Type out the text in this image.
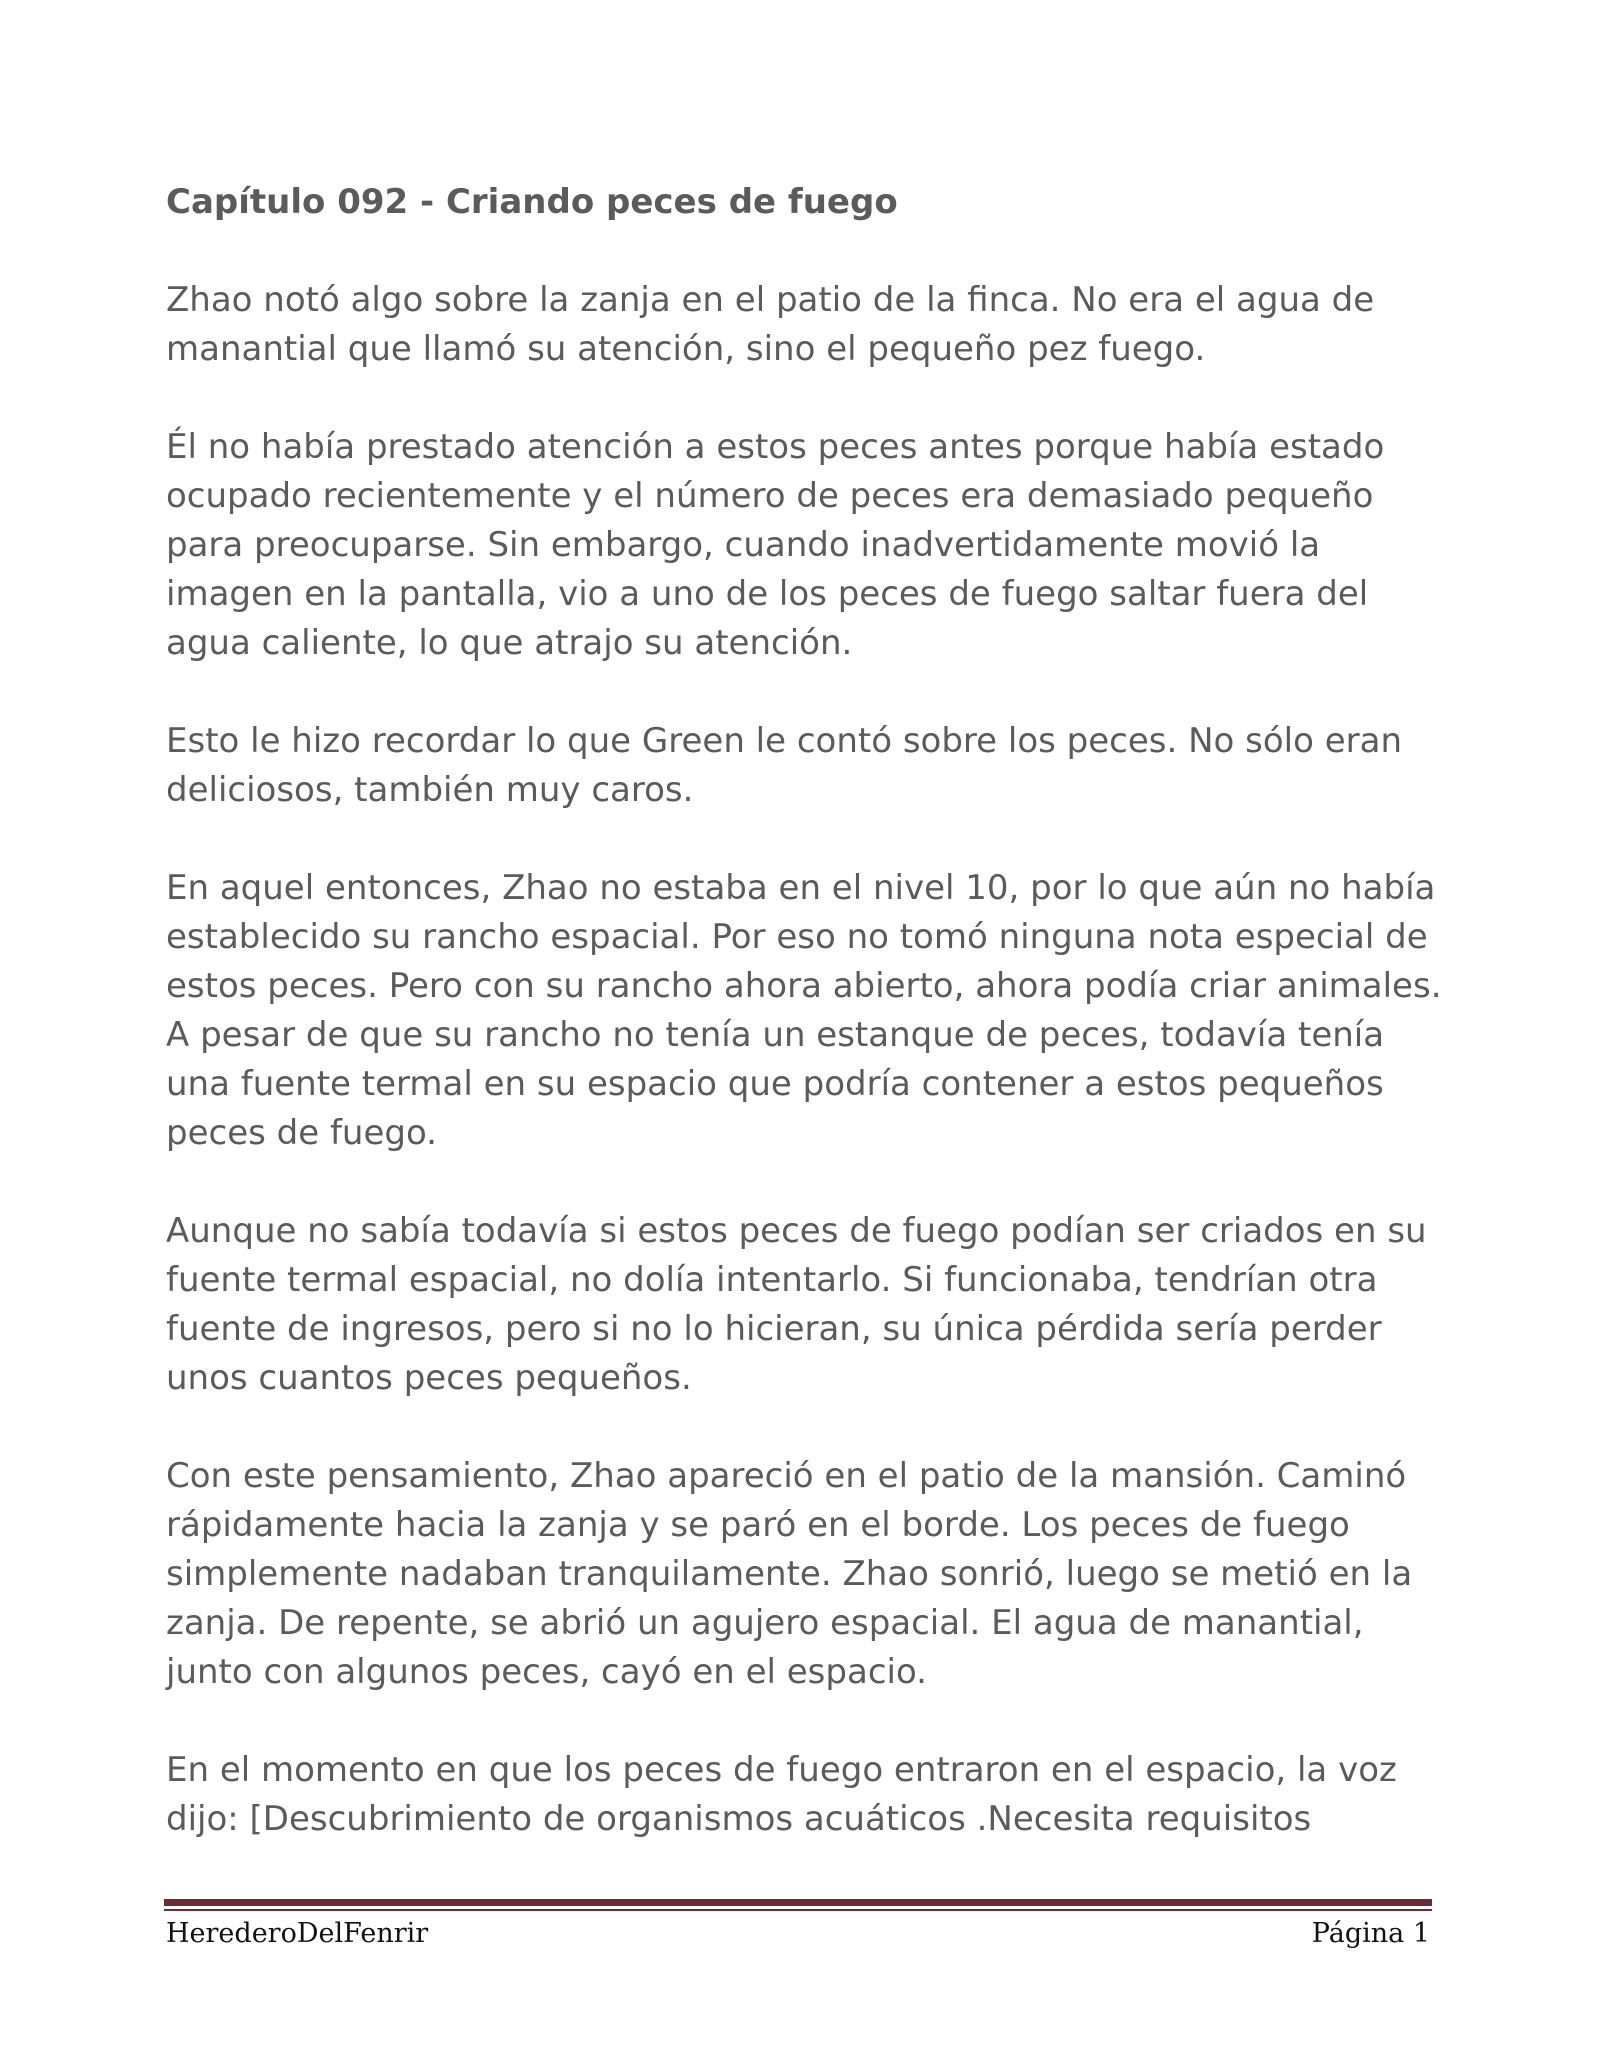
Capítulo 092 - Criando peces de fuego
Zhao notó algo sobre la zanja en el patio de la finca. No era el agua de manantial que llamó su atención, sino el pequeño pez fuego.
Él no había prestado atención a estos peces antes porque había estado ocupado recientemente y el número de peces era demasiado pequeño para preocuparse. Sin embargo, cuando inadvertidamente movió la imagen en la pantalla, vio a uno de los peces de fuego saltar fuera del agua caliente, lo que atrajo su atención.
Esto le hizo recordar lo que Green le contó sobre los peces. No sólo eran deliciosos, también muy caros.
En aquel entonces, Zhao no estaba en el nivel 10, por lo que aún no había establecido su rancho espacial. Por eso no tomó ninguna nota especial de estos peces. Pero con su rancho ahora abierto, ahora podía criar animales. A pesar de que su rancho no tenía un estanque de peces, todavía tenía una fuente termal en su espacio que podría contener a estos pequeños peces de fuego.
Aunque no sabía todavía si estos peces de fuego podían ser criados en su fuente termal espacial, no dolía intentarlo. Si funcionaba, tendrían otra fuente de ingresos, pero si no lo hicieran, su única pérdida sería perder unos cuantos peces pequeños.
Con este pensamiento, Zhao apareció en el patio de la mansión. Caminó rápidamente hacia la zanja y se paró en el borde. Los peces de fuego simplemente nadaban tranquilamente. Zhao sonrió, luego se metió en la zanja. De repente, se abrió un agujero espacial. El agua de manantial, junto con algunos peces, cayó en el espacio.
En el momento en que los peces de fuego entraron en el espacio, la voz dijo: [Descubrimiento de organismos acuáticos .Necesita requisitos
HerederoDelFenrir	Página 1
